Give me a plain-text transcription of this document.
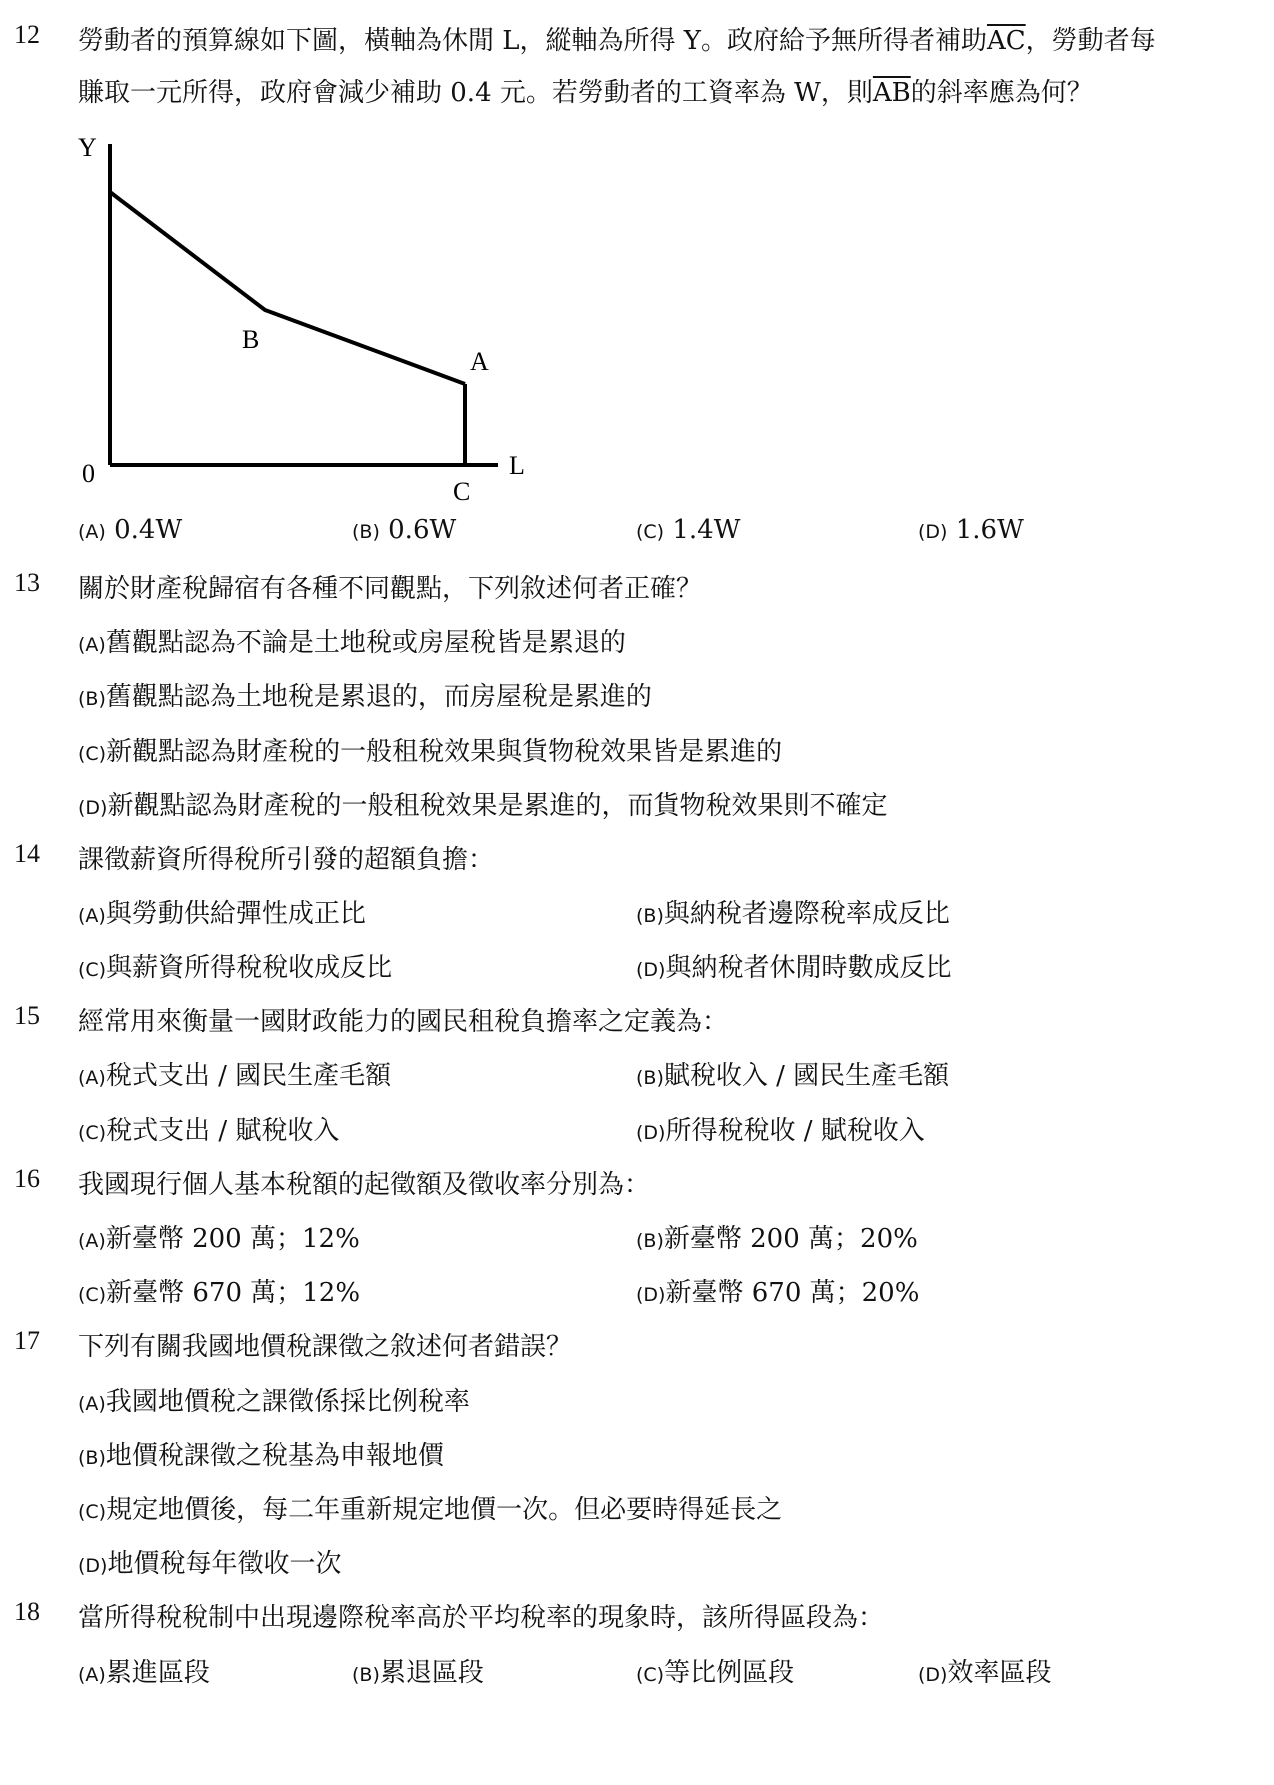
12 勞動者的預算線如下圖，橫軸為休閒 L，縱軸為所得 Y。政府給予無所得者補助$\overline{AC}$，勞動者每
賺取一元所得，政府會減少補助 0.4 元。若勞動者的工資率為 W，則$\overline{AB}$的斜率應為何？
Y
L
0
B
A
C
(A) 0.4W	(B) 0.6W	(C) 1.4W	(D) 1.6W
13 關於財產稅歸宿有各種不同觀點，下列敘述何者正確？
(A)舊觀點認為不論是土地稅或房屋稅皆是累退的
(B)舊觀點認為土地稅是累退的，而房屋稅是累進的
(C)新觀點認為財產稅的一般租稅效果與貨物稅效果皆是累進的
(D)新觀點認為財產稅的一般租稅效果是累進的，而貨物稅效果則不確定
14 課徵薪資所得稅所引發的超額負擔：
(A)與勞動供給彈性成正比	(B)與納稅者邊際稅率成反比
(C)與薪資所得稅稅收成反比	(D)與納稅者休閒時數成反比
15 經常用來衡量一國財政能力的國民租稅負擔率之定義為：
(A)稅式支出 / 國民生產毛額	(B)賦稅收入 / 國民生產毛額
(C)稅式支出 / 賦稅收入	(D)所得稅稅收 / 賦稅收入
16 我國現行個人基本稅額的起徵額及徵收率分別為：
(A)新臺幣 200 萬；12%	(B)新臺幣 200 萬；20%
(C)新臺幣 670 萬；12%	(D)新臺幣 670 萬；20%
17 下列有關我國地價稅課徵之敘述何者錯誤？
(A)我國地價稅之課徵係採比例稅率
(B)地價稅課徵之稅基為申報地價
(C)規定地價後，每二年重新規定地價一次。但必要時得延長之
(D)地價稅每年徵收一次
18 當所得稅稅制中出現邊際稅率高於平均稅率的現象時，該所得區段為：
(A)累進區段	(B)累退區段	(C)等比例區段	(D)效率區段
